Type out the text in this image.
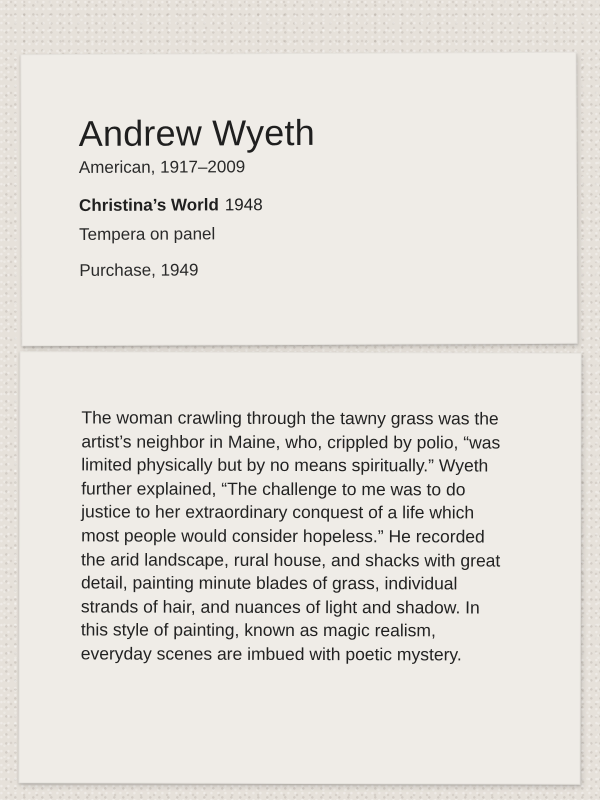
Andrew Wyeth
American, 1917–2009
Christina’s World 1948
Tempera on panel
Purchase, 1949
The woman crawling through the tawny grass was the
artist’s neighbor in Maine, who, crippled by polio, “was
limited physically but by no means spiritually.” Wyeth
further explained, “The challenge to me was to do
justice to her extraordinary conquest of a life which
most people would consider hopeless.” He recorded
the arid landscape, rural house, and shacks with great
detail, painting minute blades of grass, individual
strands of hair, and nuances of light and shadow. In
this style of painting, known as magic realism,
everyday scenes are imbued with poetic mystery.
